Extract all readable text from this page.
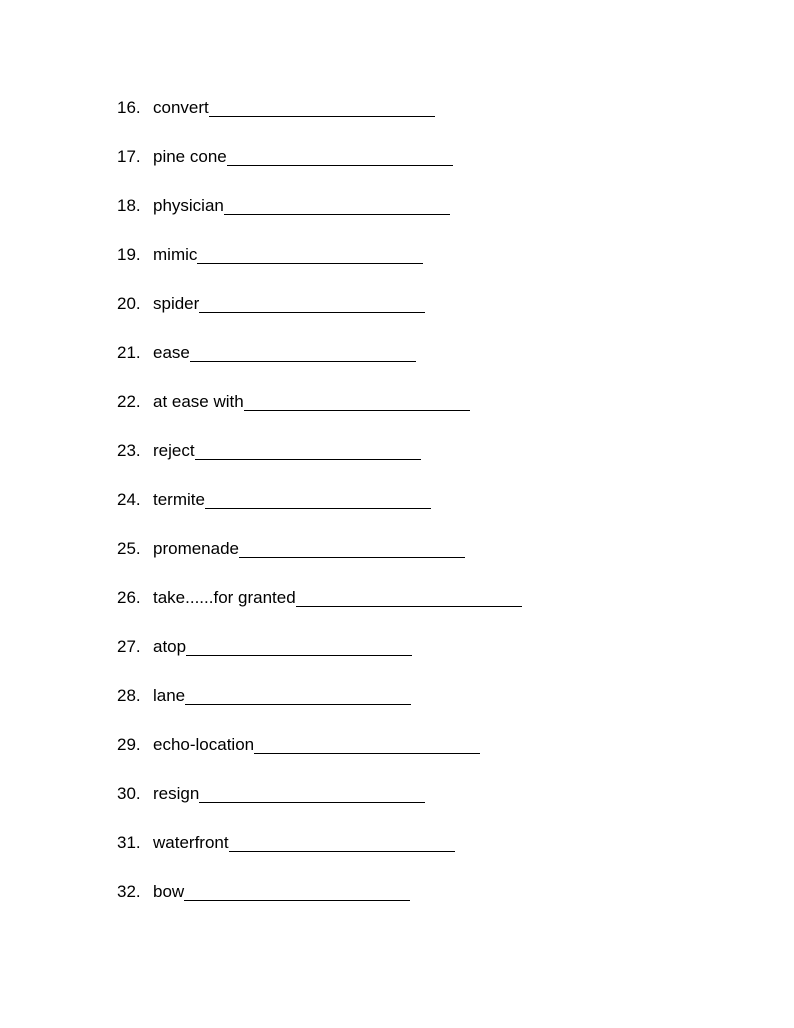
16. convert
17. pine cone
18. physician
19. mimic
20. spider
21. ease
22. at ease with
23. reject
24. termite
25. promenade
26. take......for granted
27. atop
28. lane
29. echo-location
30. resign
31. waterfront
32. bow
